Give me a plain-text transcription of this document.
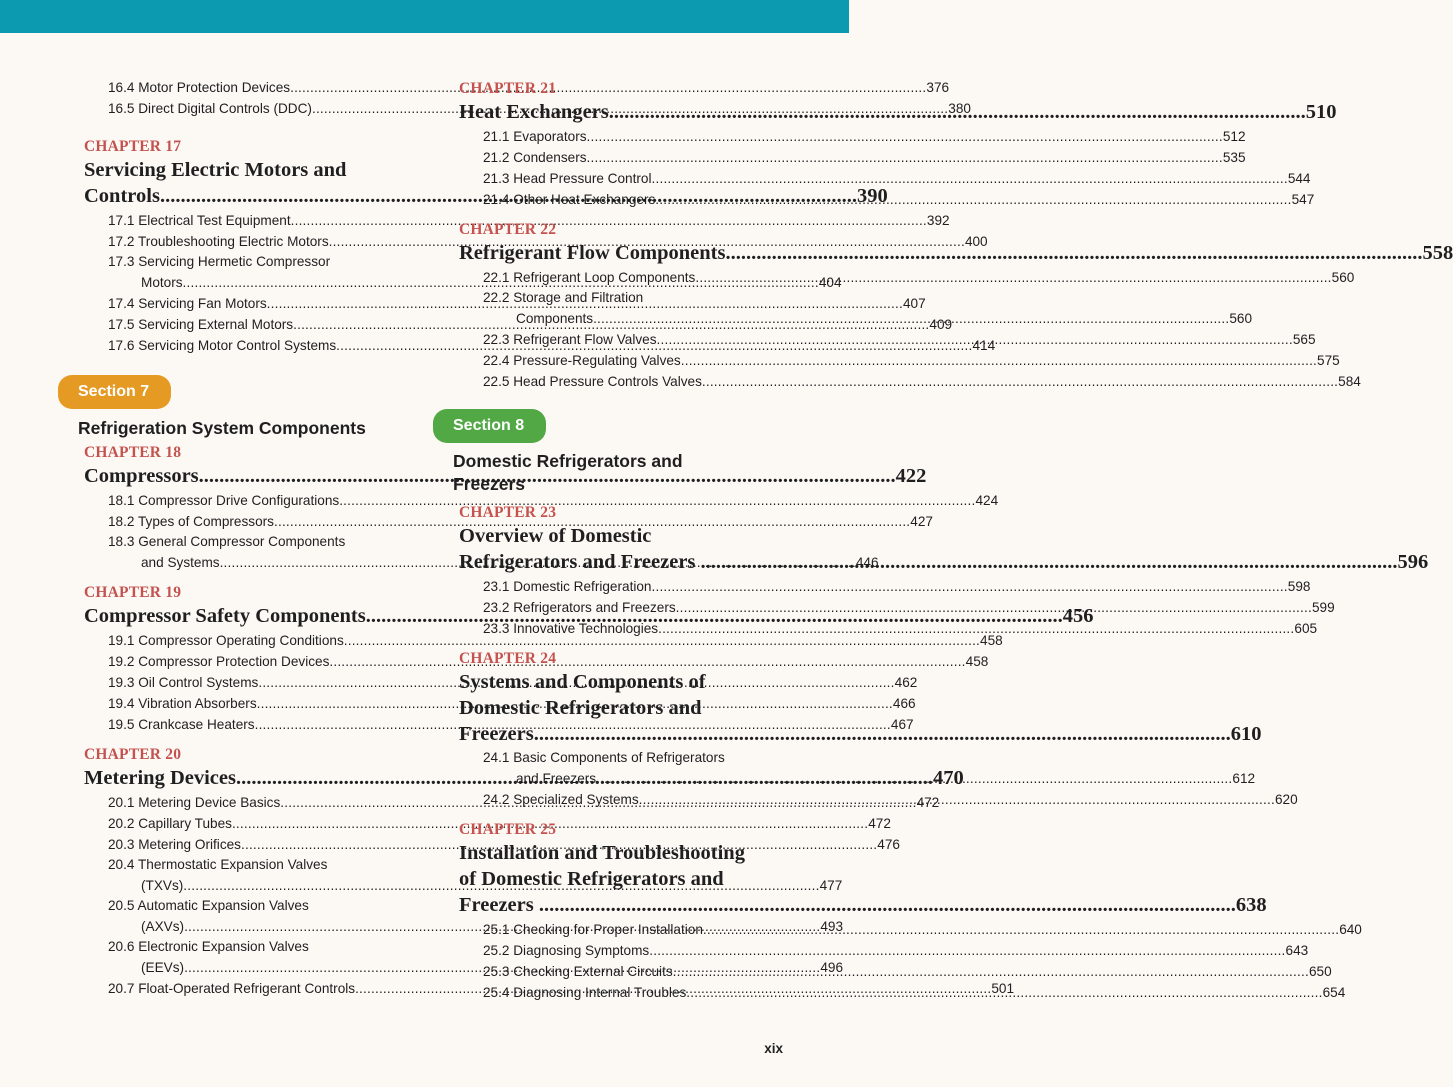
16.4 Motor Protection Devices .....	376
16.5 Direct Digital Controls (DDC) .....	380
CHAPTER 17
Servicing Electric Motors and
Controls .....	390
17.1 Electrical Test Equipment .....	392
17.2 Troubleshooting Electric Motors .....	400
17.3 Servicing Hermetic Compressor
Motors .....	404
17.4 Servicing Fan Motors .....	407
17.5 Servicing External Motors .....	409
17.6 Servicing Motor Control Systems .....	414
Section 7
Refrigeration System Components
CHAPTER 18
Compressors .....	422
18.1 Compressor Drive Configurations .....	424
18.2 Types of Compressors .....	427
18.3 General Compressor Components
and Systems .....	446
CHAPTER 19
Compressor Safety Components .....	456
19.1 Compressor Operating Conditions .....	458
19.2 Compressor Protection Devices .....	458
19.3 Oil Control Systems .....	462
19.4 Vibration Absorbers .....	466
19.5 Crankcase Heaters .....	467
CHAPTER 20
Metering Devices .....	470
20.1 Metering Device Basics .....	472
20.2 Capillary Tubes .....	472
20.3 Metering Orifices .....	476
20.4 Thermostatic Expansion Valves
(TXVs) .....	477
20.5 Automatic Expansion Valves
(AXVs) .....	493
20.6 Electronic Expansion Valves
(EEVs) .....	496
20.7 Float-Operated Refrigerant Controls .....	501
CHAPTER 21
Heat Exchangers .....	510
21.1 Evaporators .....	512
21.2 Condensers .....	535
21.3 Head Pressure Control .....	544
21.4 Other Heat Exchangers .....	547
CHAPTER 22
Refrigerant Flow Components .....	558
22.1 Refrigerant Loop Components .....	560
22.2 Storage and Filtration
Components .....	560
22.3 Refrigerant Flow Valves .....	565
22.4 Pressure-Regulating Valves .....	575
22.5 Head Pressure Controls Valves .....	584
Section 8
Domestic Refrigerators and
Freezers
CHAPTER 23
Overview of Domestic
Refrigerators and Freezers .....	596
23.1 Domestic Refrigeration .....	598
23.2 Refrigerators and Freezers .....	599
23.3 Innovative Technologies .....	605
CHAPTER 24
Systems and Components of
Domestic Refrigerators and
Freezers .....	610
24.1 Basic Components of Refrigerators
and Freezers .....	612
24.2 Specialized Systems .....	620
CHAPTER 25
Installation and Troubleshooting
of Domestic Refrigerators and
Freezers .....	638
25.1 Checking for Proper Installation .....	640
25.2 Diagnosing Symptoms .....	643
25.3 Checking External Circuits .....	650
25.4 Diagnosing Internal Troubles .....	654
xix
